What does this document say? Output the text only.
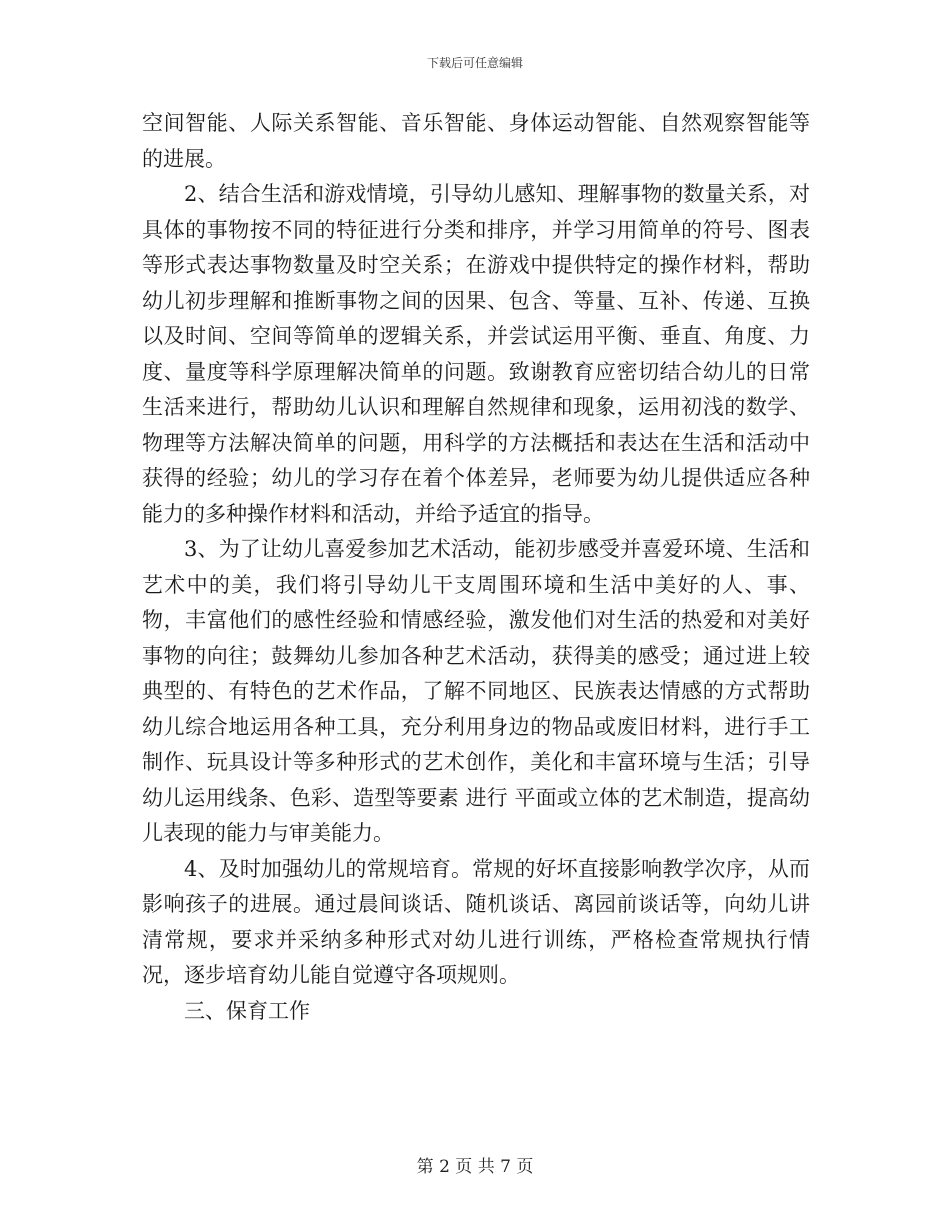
下载后可任意编辑

空间智能、人际关系智能、音乐智能、身体运动智能、自然观察智能等的进展。

2、结合生活和游戏情境，引导幼儿感知、理解事物的数量关系，对具体的事物按不同的特征进行分类和排序，并学习用简单的符号、图表等形式表达事物数量及时空关系；在游戏中提供特定的操作材料，帮助幼儿初步理解和推断事物之间的因果、包含、等量、互补、传递、互换以及时间、空间等简单的逻辑关系，并尝试运用平衡、垂直、角度、力度、量度等科学原理解决简单的问题。致谢教育应密切结合幼儿的日常生活来进行，帮助幼儿认识和理解自然规律和现象，运用初浅的数学、物理等方法解决简单的问题，用科学的方法概括和表达在生活和活动中获得的经验；幼儿的学习存在着个体差异，老师要为幼儿提供适应各种能力的多种操作材料和活动，并给予适宜的指导。

3、为了让幼儿喜爱参加艺术活动，能初步感受并喜爱环境、生活和艺术中的美，我们将引导幼儿干支周围环境和生活中美好的人、事、物，丰富他们的感性经验和情感经验，激发他们对生活的热爱和对美好事物的向往；鼓舞幼儿参加各种艺术活动，获得美的感受；通过进上较典型的、有特色的艺术作品，了解不同地区、民族表达情感的方式帮助幼儿综合地运用各种工具，充分利用身边的物品或废旧材料，进行手工制作、玩具设计等多种形式的艺术创作，美化和丰富环境与生活；引导幼儿运用线条、色彩、造型等要素 进行 平面或立体的艺术制造，提高幼儿表现的能力与审美能力。

4、及时加强幼儿的常规培育。常规的好坏直接影响教学次序，从而影响孩子的进展。通过晨间谈话、随机谈话、离园前谈话等，向幼儿讲清常规，要求并采纳多种形式对幼儿进行训练，严格检查常规执行情况，逐步培育幼儿能自觉遵守各项规则。

三、保育工作

第 2 页 共 7 页
